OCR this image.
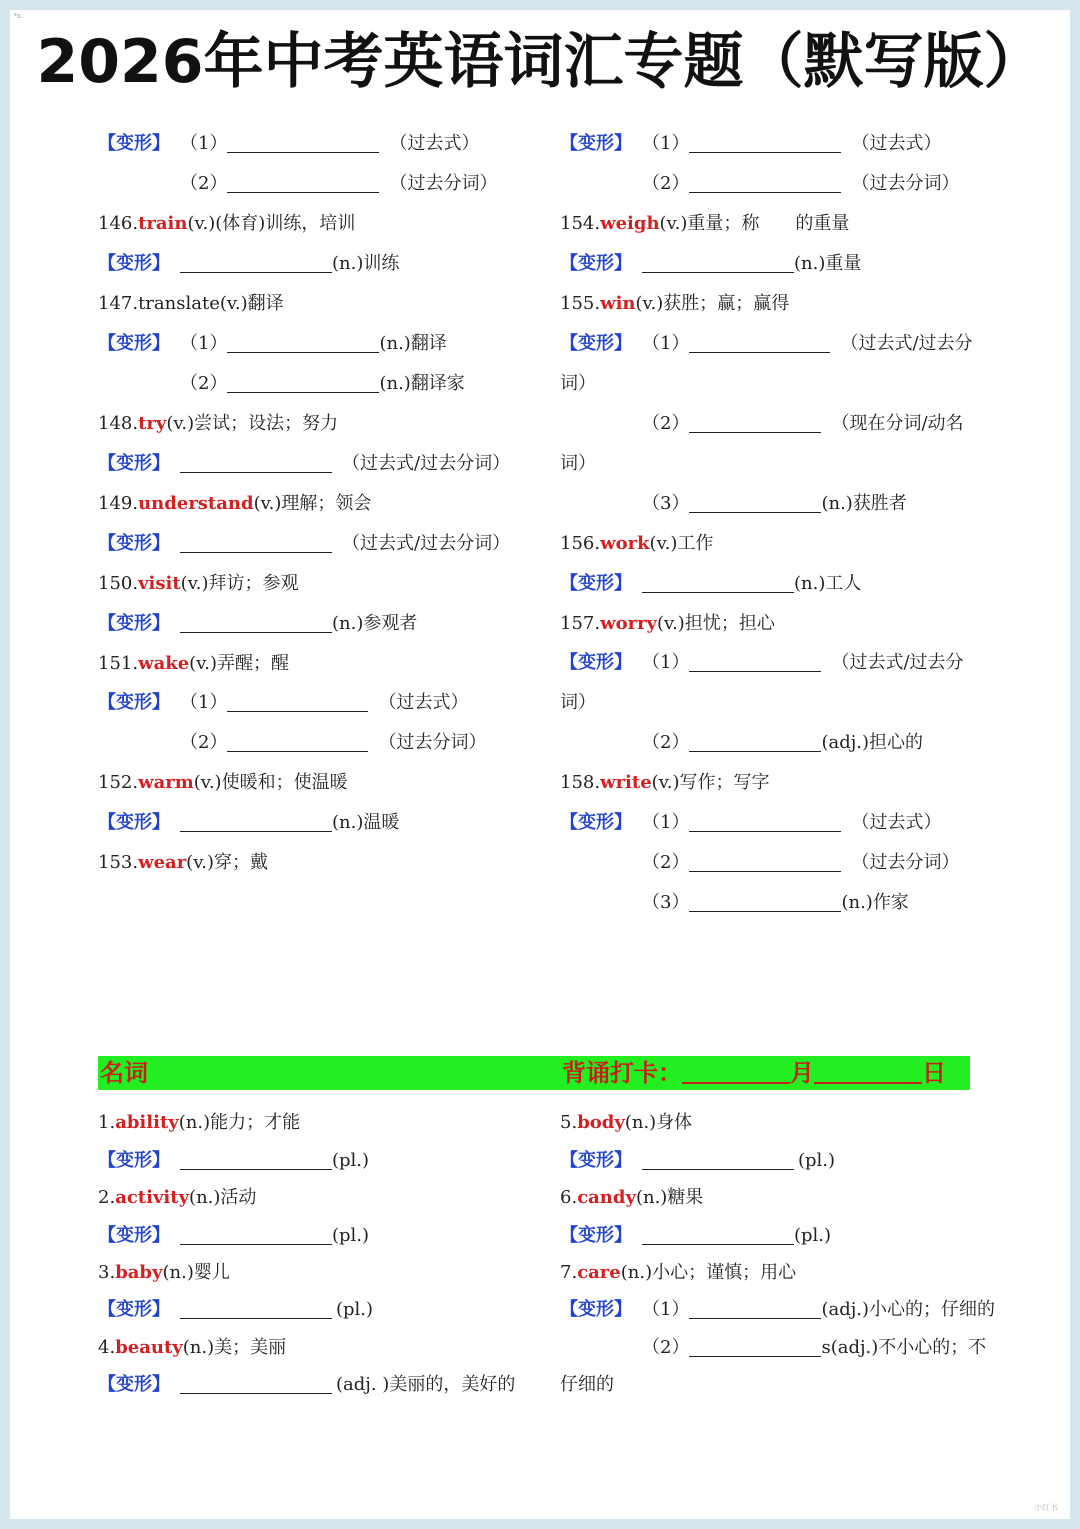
*n.
2026年中考英语词汇专题（默写版）
【变形】 （1）	（过去式）
（2）	（过去分词）
146.train(v.)(体育)训练，培训
【变形】	(n.)训练
147.translate(v.)翻译
【变形】 （1）	(n.)翻译
（2）	(n.)翻译家
148.try(v.)尝试；设法；努力
【变形】	（过去式/过去分词）
149.understand(v.)理解；领会
【变形】	（过去式/过去分词）
150.visit(v.)拜访；参观
【变形】	(n.)参观者
151.wake(v.)弄醒；醒
【变形】 （1）	（过去式）
（2）	（过去分词）
152.warm(v.)使暖和；使温暖
【变形】	(n.)温暖
153.wear(v.)穿；戴
【变形】 （1）	（过去式）
（2）	（过去分词）
154.weigh(v.)重量；称　　的重量
【变形】	(n.)重量
155.win(v.)获胜；赢；赢得
【变形】 （1）	（过去式/过去分
词）
（2）	（现在分词/动名
词）
（3）	(n.)获胜者
156.work(v.)工作
【变形】	(n.)工人
157.worry(v.)担忧；担心
【变形】 （1）	（过去式/过去分
词）
（2）	(adj.)担心的
158.write(v.)写作；写字
【变形】 （1）	（过去式）
（2）	（过去分词）
（3）	(n.)作家
名词	背诵打卡：	月	日
1.ability(n.)能力；才能
【变形】	(pl.)
2.activity(n.)活动
【变形】	(pl.)
3.baby(n.)婴儿
【变形】	(pl.)
4.beauty(n.)美；美丽
【变形】	(adj. )美丽的，美好的
5.body(n.)身体
【变形】	(pl.)
6.candy(n.)糖果
【变形】	(pl.)
7.care(n.)小心；谨慎；用心
【变形】 （1）	(adj.)小心的；仔细的
（2）	s(adj.)不小心的；不
仔细的
小红书
